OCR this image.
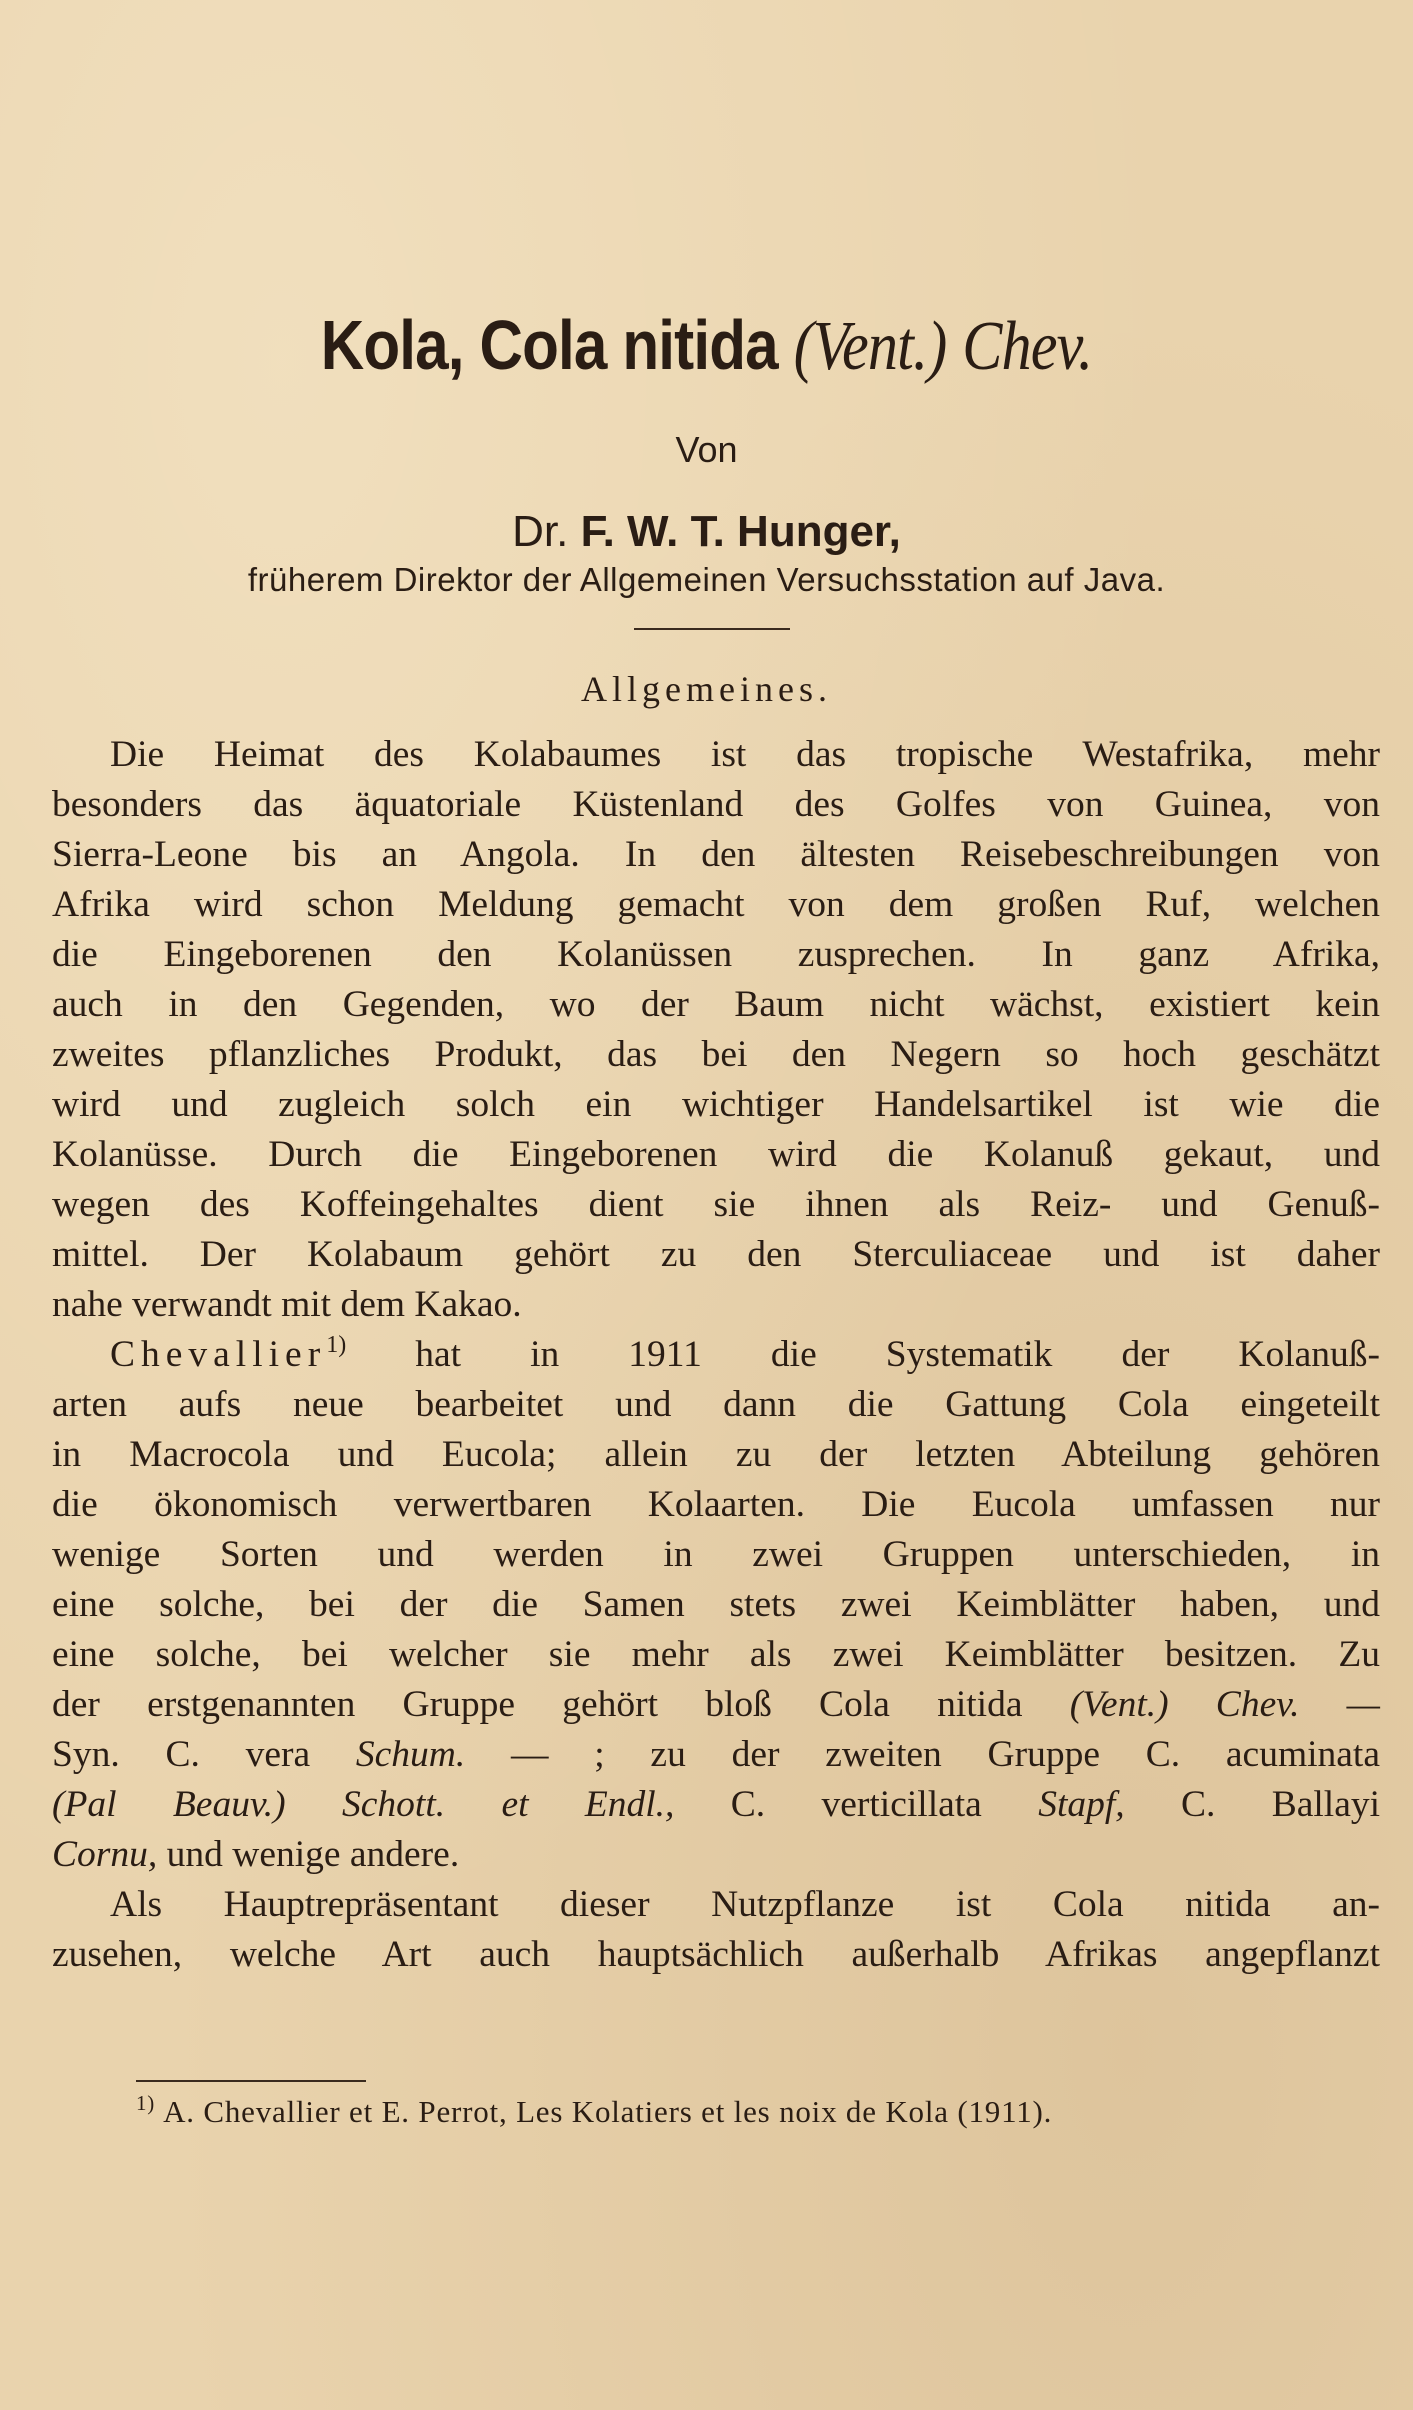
Kola, Cola nitida (Vent.) Chev.
Von
Dr. F. W. T. Hunger,
früherem Direktor der Allgemeinen Versuchsstation auf Java.
Allgemeines.
Die Heimat des Kolabaumes ist das tropische Westafrika, mehr
besonders das äquatoriale Küstenland des Golfes von Guinea, von
Sierra-Leone bis an Angola. In den ältesten Reisebeschreibungen von
Afrika wird schon Meldung gemacht von dem großen Ruf, welchen
die Eingeborenen den Kolanüssen zusprechen. In ganz Afrika,
auch in den Gegenden, wo der Baum nicht wächst, existiert kein
zweites pflanzliches Produkt, das bei den Negern so hoch geschätzt
wird und zugleich solch ein wichtiger Handelsartikel ist wie die
Kolanüsse. Durch die Eingeborenen wird die Kolanuß gekaut, und
wegen des Koffeingehaltes dient sie ihnen als Reiz- und Genuß-
mittel. Der Kolabaum gehört zu den Sterculiaceae und ist daher
nahe verwandt mit dem Kakao.
Chevallier$^{1)}$ hat in 1911 die Systematik der Kolanuß-
arten aufs neue bearbeitet und dann die Gattung Cola eingeteilt
in Macrocola und Eucola; allein zu der letzten Abteilung gehören
die ökonomisch verwertbaren Kolaarten. Die Eucola umfassen nur
wenige Sorten und werden in zwei Gruppen unterschieden, in
eine solche, bei der die Samen stets zwei Keimblätter haben, und
eine solche, bei welcher sie mehr als zwei Keimblätter besitzen. Zu
der erstgenannten Gruppe gehört bloß Cola nitida (Vent.) Chev. —
Syn. C. vera Schum. — ; zu der zweiten Gruppe C. acuminata
(Pal Beauv.) Schott. et Endl., C. verticillata Stapf, C. Ballayi
Cornu, und wenige andere.
Als Hauptrepräsentant dieser Nutzpflanze ist Cola nitida an-
zusehen, welche Art auch hauptsächlich außerhalb Afrikas angepflanzt
$^{1)}$ A. Chevallier et E. Perrot, Les Kolatiers et les noix de Kola (1911).
